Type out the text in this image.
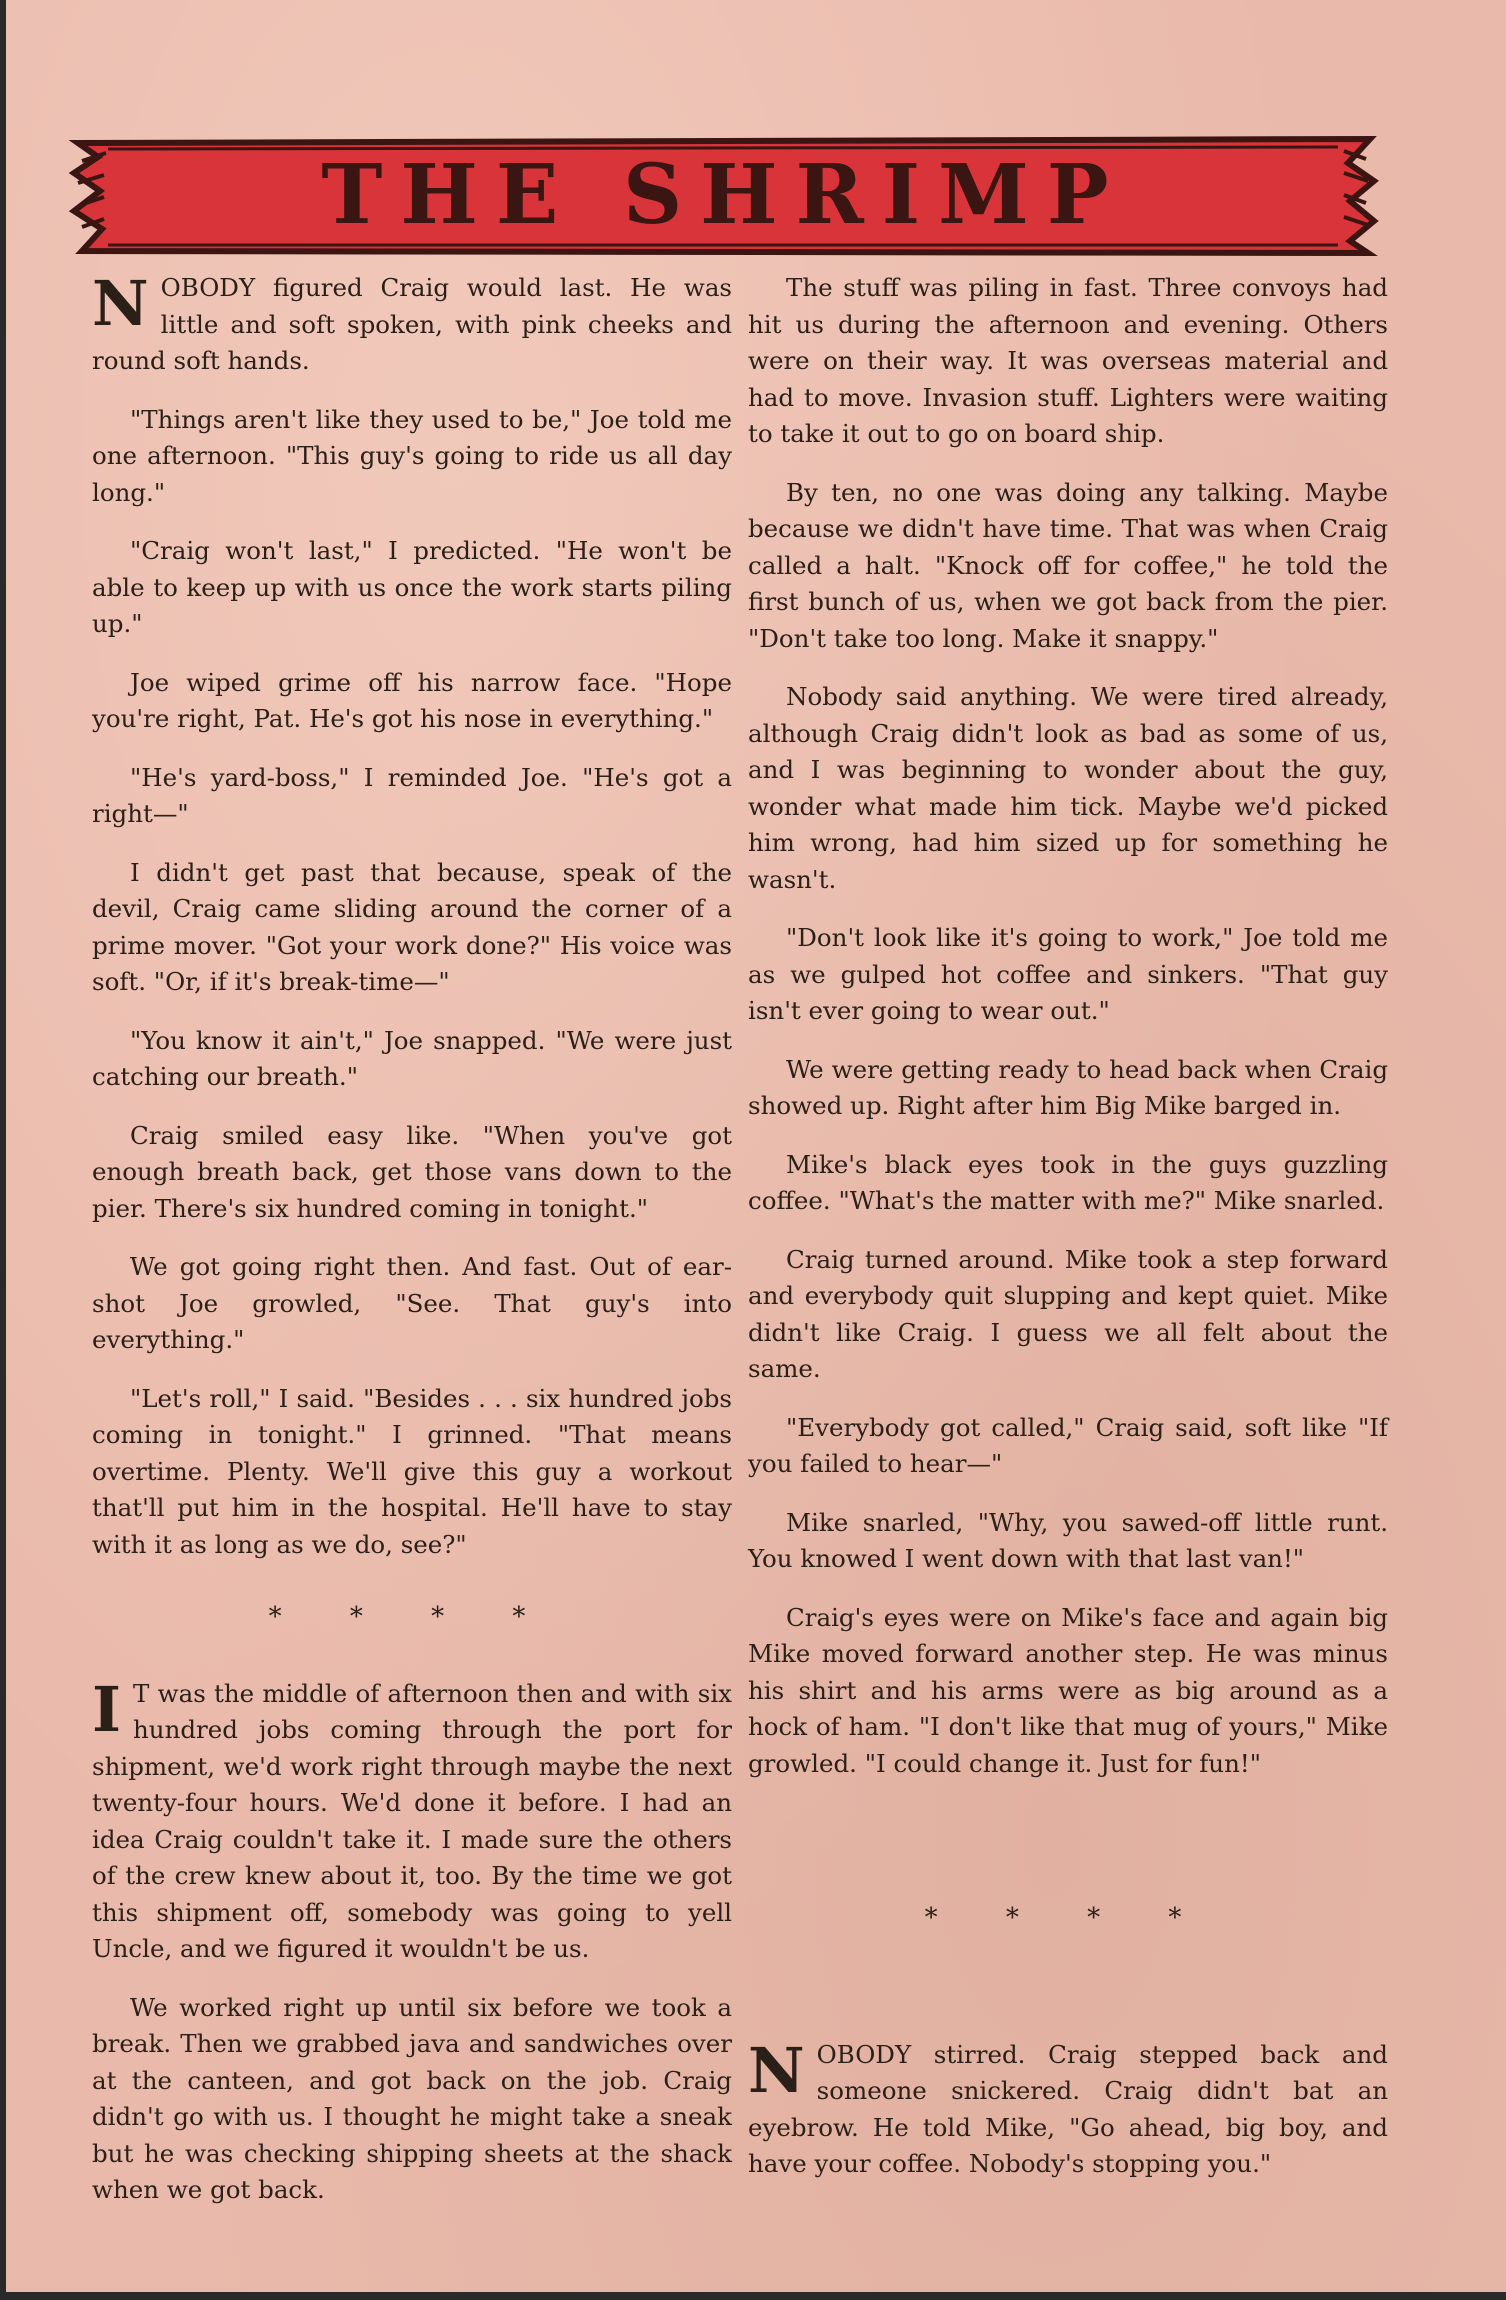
THE SHRIMP

NOBODY figured Craig would last. He was little and soft spoken, with pink cheeks and round soft hands.

"Things aren't like they used to be," Joe told me one afternoon. "This guy's going to ride us all day long."

"Craig won't last," I predicted. "He won't be able to keep up with us once the work starts piling up."

Joe wiped grime off his narrow face. "Hope you're right, Pat. He's got his nose in everything."

"He's yard-boss," I reminded Joe. "He's got a right—"

I didn't get past that because, speak of the devil, Craig came sliding around the corner of a prime mover. "Got your work done?" His voice was soft. "Or, if it's break-time—"

"You know it ain't," Joe snapped. "We were just catching our breath."

Craig smiled easy like. "When you've got enough breath back, get those vans down to the pier. There's six hundred coming in tonight."

We got going right then. And fast. Out of ear-shot Joe growled, "See. That guy's into everything."

"Let's roll," I said. "Besides . . . six hundred jobs coming in tonight." I grinned. "That means overtime. Plenty. We'll give this guy a workout that'll put him in the hospital. He'll have to stay with it as long as we do, see?"

* * * *

I T was the middle of afternoon then and with six hundred jobs coming through the port for shipment, we'd work right through maybe the next twenty-four hours. We'd done it before. I had an idea Craig couldn't take it. I made sure the others of the crew knew about it, too. By the time we got this shipment off, somebody was going to yell Uncle, and we figured it wouldn't be us.

We worked right up until six before we took a break. Then we grabbed java and sandwiches over at the canteen, and got back on the job. Craig didn't go with us. I thought he might take a sneak but he was checking shipping sheets at the shack when we got back.

The stuff was piling in fast. Three convoys had hit us during the afternoon and evening. Others were on their way. It was overseas material and had to move. Invasion stuff. Lighters were waiting to take it out to go on board ship.

By ten, no one was doing any talking. Maybe because we didn't have time. That was when Craig called a halt. "Knock off for coffee," he told the first bunch of us, when we got back from the pier. "Don't take too long. Make it snappy."

Nobody said anything. We were tired already, although Craig didn't look as bad as some of us, and I was beginning to wonder about the guy, wonder what made him tick. Maybe we'd picked him wrong, had him sized up for something he wasn't.

"Don't look like it's going to work," Joe told me as we gulped hot coffee and sinkers. "That guy isn't ever going to wear out."

We were getting ready to head back when Craig showed up. Right after him Big Mike barged in.

Mike's black eyes took in the guys guzzling coffee. "What's the matter with me?" Mike snarled.

Craig turned around. Mike took a step forward and everybody quit slupping and kept quiet. Mike didn't like Craig. I guess we all felt about the same.

"Everybody got called," Craig said, soft like "If you failed to hear—"

Mike snarled, "Why, you sawed-off little runt. You knowed I went down with that last van!"

Craig's eyes were on Mike's face and again big Mike moved forward another step. He was minus his shirt and his arms were as big around as a hock of ham. "I don't like that mug of yours," Mike growled. "I could change it. Just for fun!"

* * * *

NOBODY stirred. Craig stepped back and someone snickered. Craig didn't bat an eyebrow. He told Mike, "Go ahead, big boy, and have your coffee. Nobody's stopping you."
